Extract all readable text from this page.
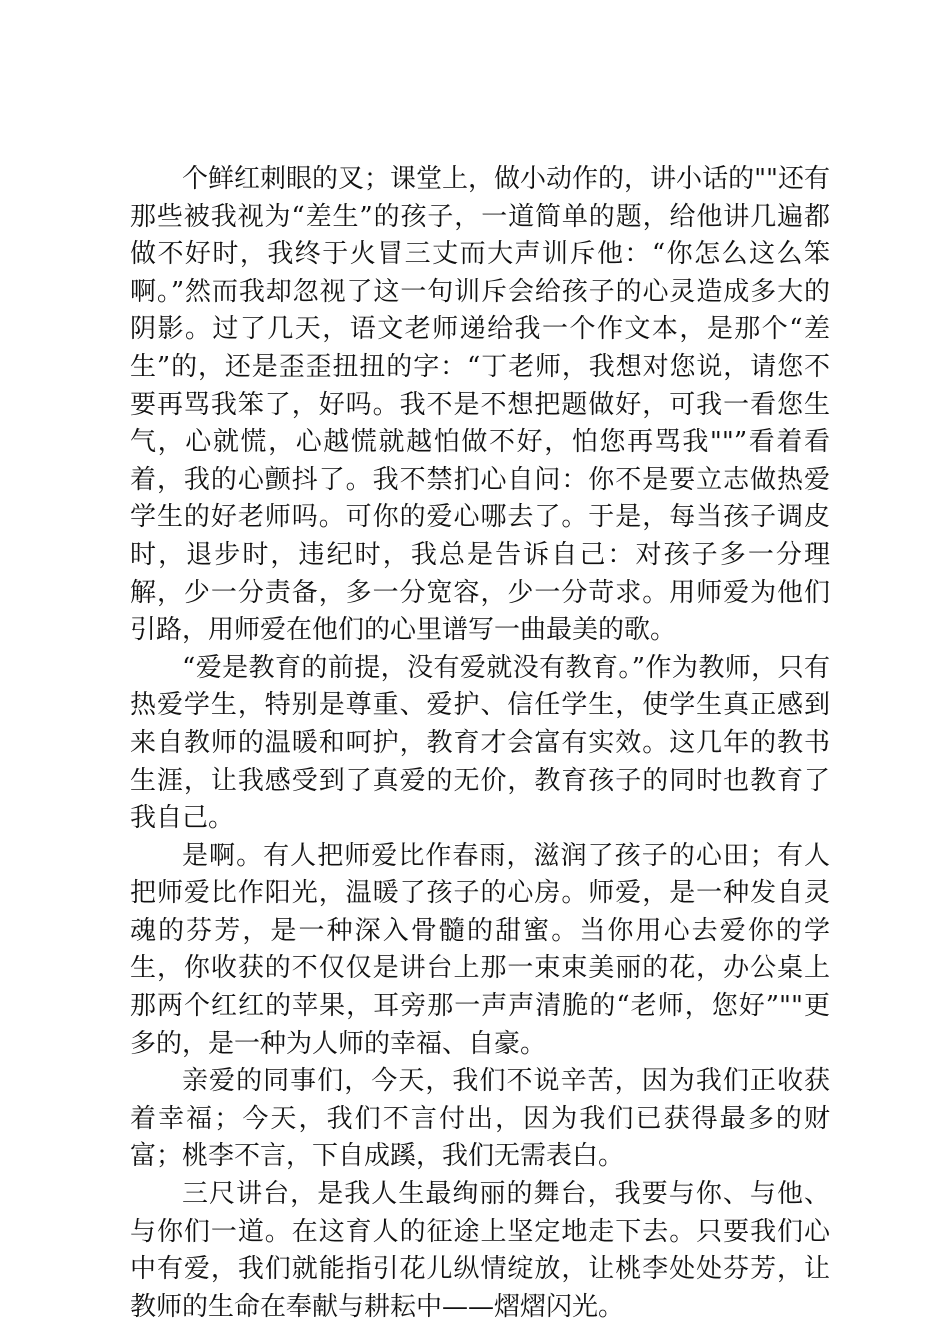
个鲜红刺眼的叉；课堂上，做小动作的，讲小话的""还有那些被我视为“差生”的孩子，一道简单的题，给他讲几遍都做不好时，我终于火冒三丈而大声训斥他：“你怎么这么笨啊。”然而我却忽视了这一句训斥会给孩子的心灵造成多大的阴影。过了几天，语文老师递给我一个作文本，是那个“差生”的，还是歪歪扭扭的字：“丁老师，我想对您说，请您不要再骂我笨了，好吗。我不是不想把题做好，可我一看您生气，心就慌，心越慌就越怕做不好，怕您再骂我""”看着看着，我的心颤抖了。我不禁扪心自问：你不是要立志做热爱学生的好老师吗。可你的爱心哪去了。于是，每当孩子调皮时，退步时，违纪时，我总是告诉自己：对孩子多一分理解，少一分责备，多一分宽容，少一分苛求。用师爱为他们引路，用师爱在他们的心里谱写一曲最美的歌。

“爱是教育的前提，没有爱就没有教育。”作为教师，只有热爱学生，特别是尊重、爱护、信任学生，使学生真正感到来自教师的温暖和呵护，教育才会富有实效。这几年的教书生涯，让我感受到了真爱的无价，教育孩子的同时也教育了我自己。

是啊。有人把师爱比作春雨，滋润了孩子的心田；有人把师爱比作阳光，温暖了孩子的心房。师爱，是一种发自灵魂的芬芳，是一种深入骨髓的甜蜜。当你用心去爱你的学生，你收获的不仅仅是讲台上那一束束美丽的花，办公桌上那两个红红的苹果，耳旁那一声声清脆的“老师，您好”""更多的，是一种为人师的幸福、自豪。

亲爱的同事们，今天，我们不说辛苦，因为我们正收获着幸福；今天，我们不言付出，因为我们已获得最多的财富；桃李不言，下自成蹊，我们无需表白。

三尺讲台，是我人生最绚丽的舞台，我要与你、与他、与你们一道。在这育人的征途上坚定地走下去。只要我们心中有爱，我们就能指引花儿纵情绽放，让桃李处处芬芳，让教师的生命在奉献与耕耘中——熠熠闪光。
